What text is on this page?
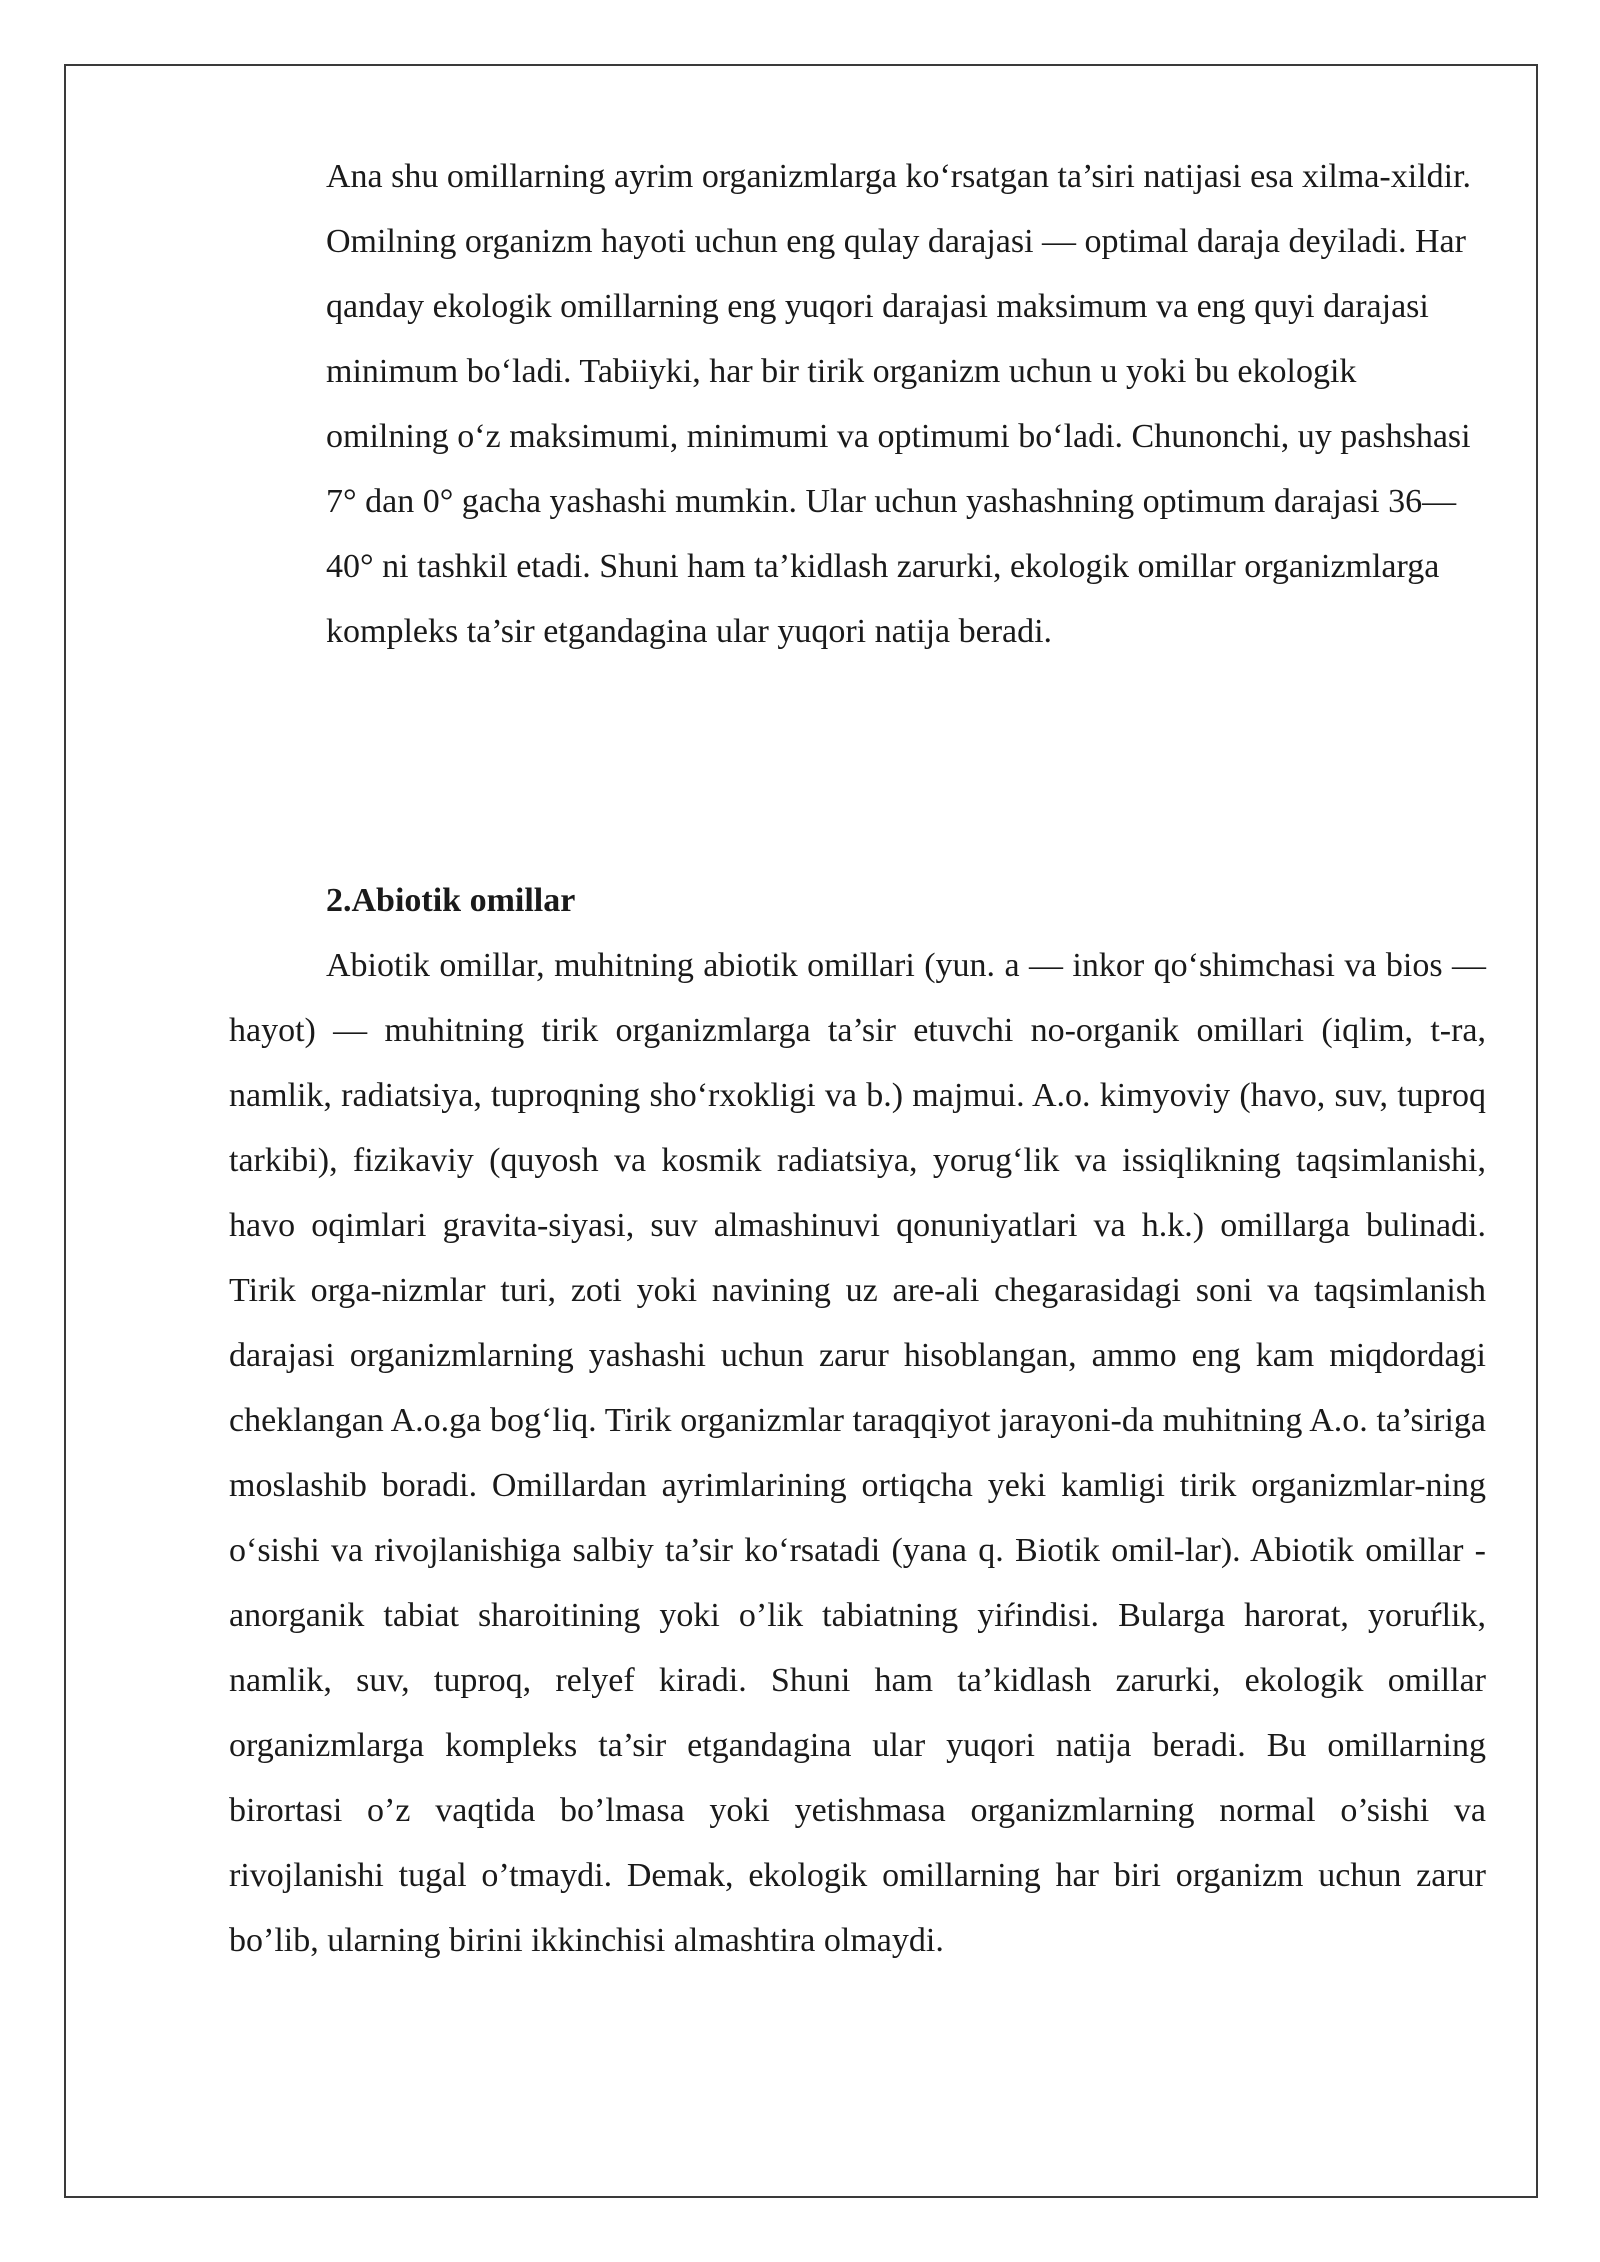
Ana shu omillarning ayrim organizmlarga ko‘rsatgan ta’siri natijasi esa xilma-xildir. Omilning organizm hayoti uchun eng qulay darajasi — optimal daraja deyiladi. Har qanday ekologik omillarning eng yuqori darajasi maksimum va eng quyi darajasi minimum bo‘ladi. Tabiiyki, har bir tirik organizm uchun u yoki bu ekologik omilning o‘z maksimumi, minimumi va optimumi bo‘ladi. Chunonchi, uy pashshasi 7° dan 0° gacha yashashi mumkin. Ular uchun yashashning optimum darajasi 36—40° ni tashkil etadi. Shuni ham ta’kidlash zarurki, ekologik omillar organizmlarga kompleks ta’sir etgandagina ular yuqori natija beradi.

2.Abiotik omillar

Abiotik omillar, muhitning abiotik omillari (yun. a — inkor qo‘shimchasi va bios — hayot) — muhitning tirik organizmlarga ta’sir etuvchi no-organik omillari (iqlim, t-ra, namlik, radiatsiya, tuproqning sho‘rxokligi va b.) majmui. A.o. kimyoviy (havo, suv, tuproq tarkibi), fizikaviy (quyosh va kosmik radiatsiya, yorug‘lik va issiqlikning taqsimlanishi, havo oqimlari gravita-siyasi, suv almashinuvi qonuniyatlari va h.k.) omillarga bulinadi. Tirik orga-nizmlar turi, zoti yoki navining uz are-ali chegarasidagi soni va taqsimlanish darajasi organizmlarning yashashi uchun zarur hisoblangan, ammo eng kam miqdordagi cheklangan A.o.ga bog‘liq. Tirik organizmlar taraqqiyot jarayoni-da muhitning A.o. ta’siriga moslashib boradi. Omillardan ayrimlarining ortiqcha yeki kamligi tirik organizmlar-ning o‘sishi va rivojlanishiga salbiy ta’sir ko‘rsatadi (yana q. Biotik omil-lar). Abiotik omillar - anorganik tabiat sharoitining yoki o’lik tabiatning yiŕindisi. Bularga harorat, yoruŕlik, namlik, suv, tuproq, relyef kiradi. Shuni ham ta’kidlash zarurki, ekologik omillar organizmlarga kompleks ta’sir etgandagina ular yuqori natija beradi. Bu omillarning birortasi o’z vaqtida bo’lmasa yoki yetishmasa organizmlarning normal o’sishi va rivojlanishi tugal o’tmaydi. Demak, ekologik omillarning har biri organizm uchun zarur bo’lib, ularning birini ikkinchisi almashtira olmaydi.
